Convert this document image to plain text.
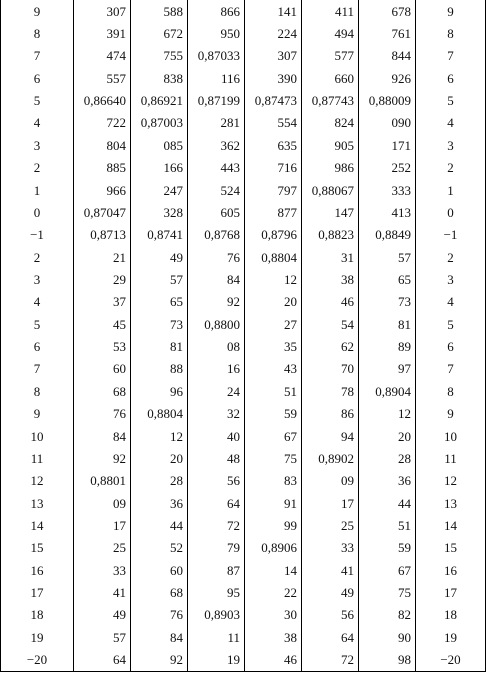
9	307	588	866	141	411	678	9
8	391	672	950	224	494	761	8
7	474	755	0,87033	307	577	844	7
6	557	838	116	390	660	926	6
5	0,86640	0,86921	0,87199	0,87473	0,87743	0,88009	5
4	722	0,87003	281	554	824	090	4
3	804	085	362	635	905	171	3
2	885	166	443	716	986	252	2
1	966	247	524	797	0,88067	333	1
0	0,87047	328	605	877	147	413	0
−1	0,8713	0,8741	0,8768	0,8796	0,8823	0,8849	−1
2	21	49	76	0,8804	31	57	2
3	29	57	84	12	38	65	3
4	37	65	92	20	46	73	4
5	45	73	0,8800	27	54	81	5
6	53	81	08	35	62	89	6
7	60	88	16	43	70	97	7
8	68	96	24	51	78	0,8904	8
9	76	0,8804	32	59	86	12	9
10	84	12	40	67	94	20	10
11	92	20	48	75	0,8902	28	11
12	0,8801	28	56	83	09	36	12
13	09	36	64	91	17	44	13
14	17	44	72	99	25	51	14
15	25	52	79	0,8906	33	59	15
16	33	60	87	14	41	67	16
17	41	68	95	22	49	75	17
18	49	76	0,8903	30	56	82	18
19	57	84	11	38	64	90	19
−20	64	92	19	46	72	98	−20
